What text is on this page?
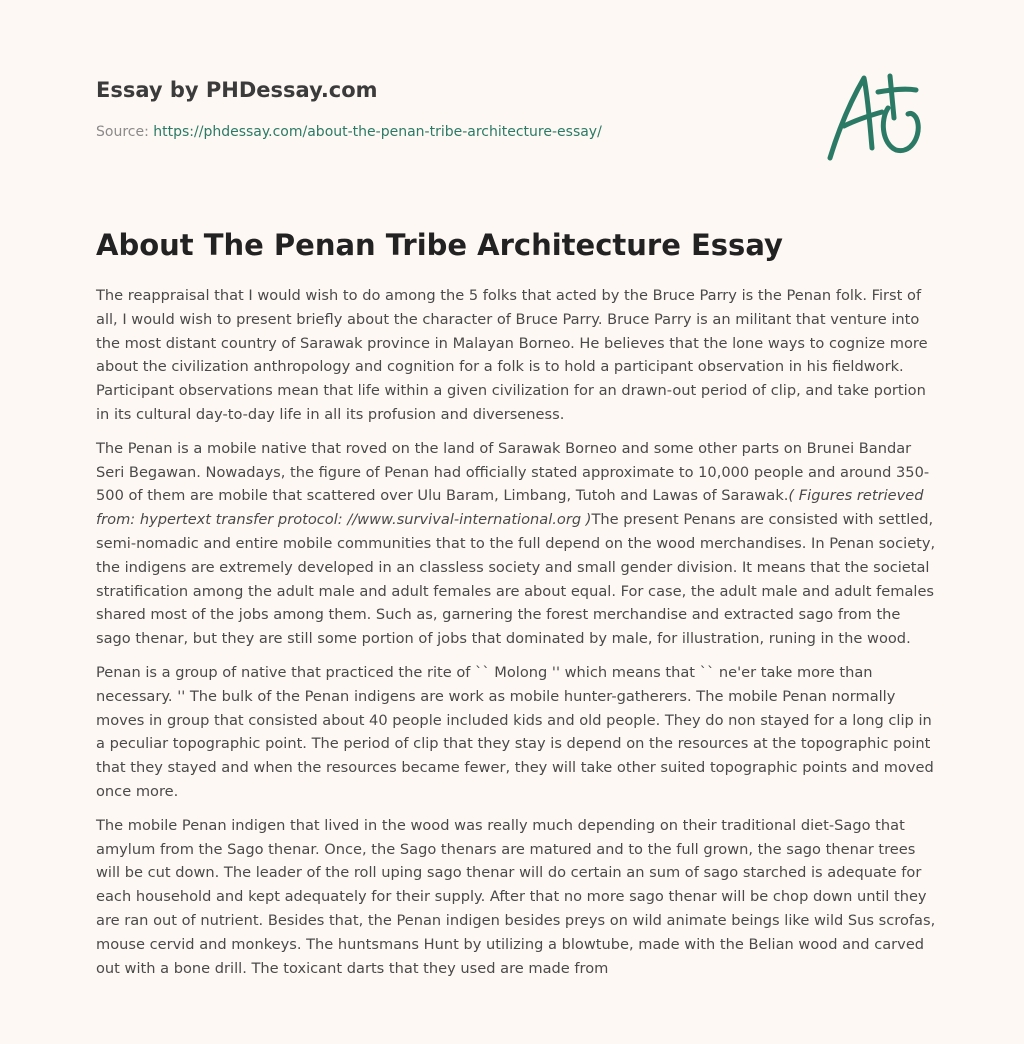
Essay by PHDessay.com
Source: https://phdessay.com/about-the-penan-tribe-architecture-essay/
About The Penan Tribe Architecture Essay

The reappraisal that I would wish to do among the 5 folks that acted by the Bruce Parry is the Penan folk. First of all, I would wish to present briefly about the character of Bruce Parry. Bruce Parry is an militant that venture into the most distant country of Sarawak province in Malayan Borneo. He believes that the lone ways to cognize more about the civilization anthropology and cognition for a folk is to hold a participant observation in his fieldwork. Participant observations mean that life within a given civilization for an drawn-out period of clip, and take portion in its cultural day-to-day life in all its profusion and diverseness.

The Penan is a mobile native that roved on the land of Sarawak Borneo and some other parts on Brunei Bandar Seri Begawan. Nowadays, the figure of Penan had officially stated approximate to 10,000 people and around 350-500 of them are mobile that scattered over Ulu Baram, Limbang, Tutoh and Lawas of Sarawak.( Figures retrieved from: hypertext transfer protocol: //www.survival-international.org )The present Penans are consisted with settled, semi-nomadic and entire mobile communities that to the full depend on the wood merchandises. In Penan society, the indigens are extremely developed in an classless society and small gender division. It means that the societal stratification among the adult male and adult females are about equal. For case, the adult male and adult females shared most of the jobs among them. Such as, garnering the forest merchandise and extracted sago from the sago thenar, but they are still some portion of jobs that dominated by male, for illustration, runing in the wood.

Penan is a group of native that practiced the rite of `` Molong '' which means that `` ne'er take more than necessary. '' The bulk of the Penan indigens are work as mobile hunter-gatherers. The mobile Penan normally moves in group that consisted about 40 people included kids and old people. They do non stayed for a long clip in a peculiar topographic point. The period of clip that they stay is depend on the resources at the topographic point that they stayed and when the resources became fewer, they will take other suited topographic points and moved once more.

The mobile Penan indigen that lived in the wood was really much depending on their traditional diet-Sago that amylum from the Sago thenar. Once, the Sago thenars are matured and to the full grown, the sago thenar trees will be cut down. The leader of the roll uping sago thenar will do certain an sum of sago starched is adequate for each household and kept adequately for their supply. After that no more sago thenar will be chop down until they are ran out of nutrient. Besides that, the Penan indigen besides preys on wild animate beings like wild Sus scrofas, mouse cervid and monkeys. The huntsmans Hunt by utilizing a blowtube, made with the Belian wood and carved out with a bone drill. The toxicant darts that they used are made from
